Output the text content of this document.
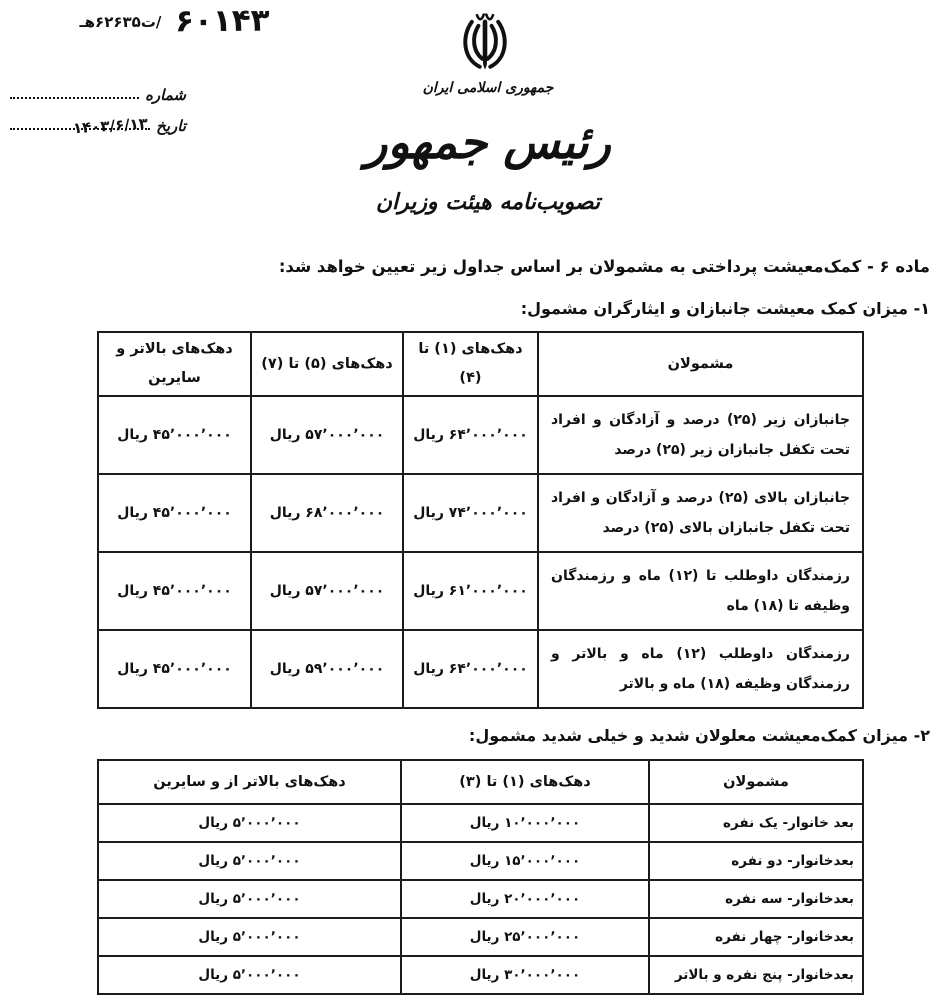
۶۰۱۴۳
/ت۶۲۶۳۵هـ
شماره
تاریخ
۱۴۰۳/۶/۱۳
جمهوری اسلامی ایران
رئیس جمهور
تصویب‌نامه هیئت وزیران
ماده ۶ - کمک‌معیشت پرداختی به مشمولان بر اساس جداول زیر تعیین خواهد شد:
۱- میزان کمک معیشت جانبازان و ایثارگران مشمول:
مشمولان	دهک‌های (۱) تا (۴)	دهک‌های (۵) تا (۷)	دهک‌های بالاتر و سایرین
جانبازان زیر (۲۵) درصد و آزادگان و افراد تحت تکفل جانبازان زیر (۲۵) درصد	۶۴٬۰۰۰٬۰۰۰ ریال	۵۷٬۰۰۰٬۰۰۰ ریال	۴۵٬۰۰۰٬۰۰۰ ریال
جانبازان بالای (۲۵) درصد و آزادگان و افراد تحت تکفل جانبازان بالای (۲۵) درصد	۷۴٬۰۰۰٬۰۰۰ ریال	۶۸٬۰۰۰٬۰۰۰ ریال	۴۵٬۰۰۰٬۰۰۰ ریال
رزمندگان داوطلب تا (۱۲) ماه و رزمندگان وظیفه تا (۱۸) ماه	۶۱٬۰۰۰٬۰۰۰ ریال	۵۷٬۰۰۰٬۰۰۰ ریال	۴۵٬۰۰۰٬۰۰۰ ریال
رزمندگان داوطلب (۱۲) ماه و بالاتر و رزمندگان وظیفه (۱۸) ماه و بالاتر	۶۴٬۰۰۰٬۰۰۰ ریال	۵۹٬۰۰۰٬۰۰۰ ریال	۴۵٬۰۰۰٬۰۰۰ ریال
۲- میزان کمک‌معیشت معلولان شدید و خیلی شدید مشمول:
مشمولان	دهک‌های (۱) تا (۳)	دهک‌های بالاتر از و سایرین
بعد خانوار- یک نفره	۱۰٬۰۰۰٬۰۰۰ ریال	۵٬۰۰۰٬۰۰۰ ریال
بعدخانوار- دو نفره	۱۵٬۰۰۰٬۰۰۰ ریال	۵٬۰۰۰٬۰۰۰ ریال
بعدخانوار- سه نفره	۲۰٬۰۰۰٬۰۰۰ ریال	۵٬۰۰۰٬۰۰۰ ریال
بعدخانوار- چهار نفره	۲۵٬۰۰۰٬۰۰۰ ریال	۵٬۰۰۰٬۰۰۰ ریال
بعدخانوار- پنج نفره و بالاتر	۳۰٬۰۰۰٬۰۰۰ ریال	۵٬۰۰۰٬۰۰۰ ریال
